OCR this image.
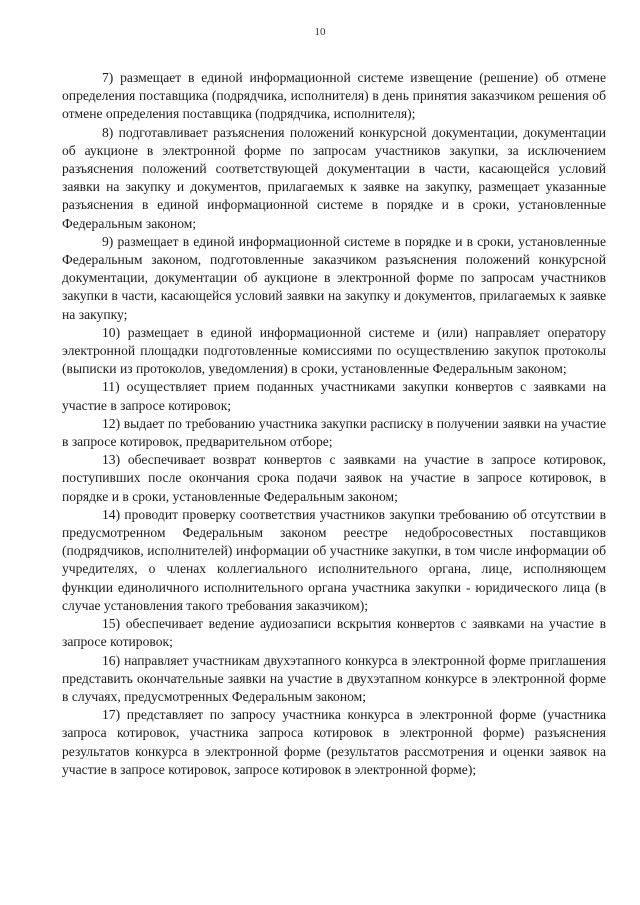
10

7) размещает в единой информационной системе извещение (решение) об отмене определения поставщика (подрядчика, исполнителя) в день принятия заказчиком решения об отмене определения поставщика (подрядчика, исполнителя);

8) подготавливает разъяснения положений конкурсной документации, документации об аукционе в электронной форме по запросам участников закупки, за исключением разъяснения положений соответствующей документации в части, касающейся условий заявки на закупку и документов, прилагаемых к заявке на закупку, размещает указанные разъяснения в единой информационной системе в порядке и в сроки, установленные Федеральным законом;

9) размещает в единой информационной системе в порядке и в сроки, установленные Федеральным законом, подготовленные заказчиком разъяснения положений конкурсной документации, документации об аукционе в электронной форме по запросам участников закупки в части, касающейся условий заявки на закупку и документов, прилагаемых к заявке на закупку;

10) размещает в единой информационной системе и (или) направляет оператору электронной площадки подготовленные комиссиями по осуществлению закупок протоколы (выписки из протоколов, уведомления) в сроки, установленные Федеральным законом;

11) осуществляет прием поданных участниками закупки конвертов с заявками на участие в запросе котировок;

12) выдает по требованию участника закупки расписку в получении заявки на участие в запросе котировок, предварительном отборе;

13) обеспечивает возврат конвертов с заявками на участие в запросе котировок, поступивших после окончания срока подачи заявок на участие в запросе котировок, в порядке и в сроки, установленные Федеральным законом;

14) проводит проверку соответствия участников закупки требованию об отсутствии в предусмотренном Федеральным законом реестре недобросовестных поставщиков (подрядчиков, исполнителей) информации об участнике закупки, в том числе информации об учредителях, о членах коллегиального исполнительного органа, лице, исполняющем функции единоличного исполнительного органа участника закупки - юридического лица (в случае установления такого требования заказчиком);

15) обеспечивает ведение аудиозаписи вскрытия конвертов с заявками на участие в запросе котировок;

16) направляет участникам двухэтапного конкурса в электронной форме приглашения представить окончательные заявки на участие в двухэтапном конкурсе в электронной форме в случаях, предусмотренных Федеральным законом;

17) представляет по запросу участника конкурса в электронной форме (участника запроса котировок, участника запроса котировок в электронной форме) разъяснения результатов конкурса в электронной форме (результатов рассмотрения и оценки заявок на участие в запросе котировок, запросе котировок в электронной форме);
